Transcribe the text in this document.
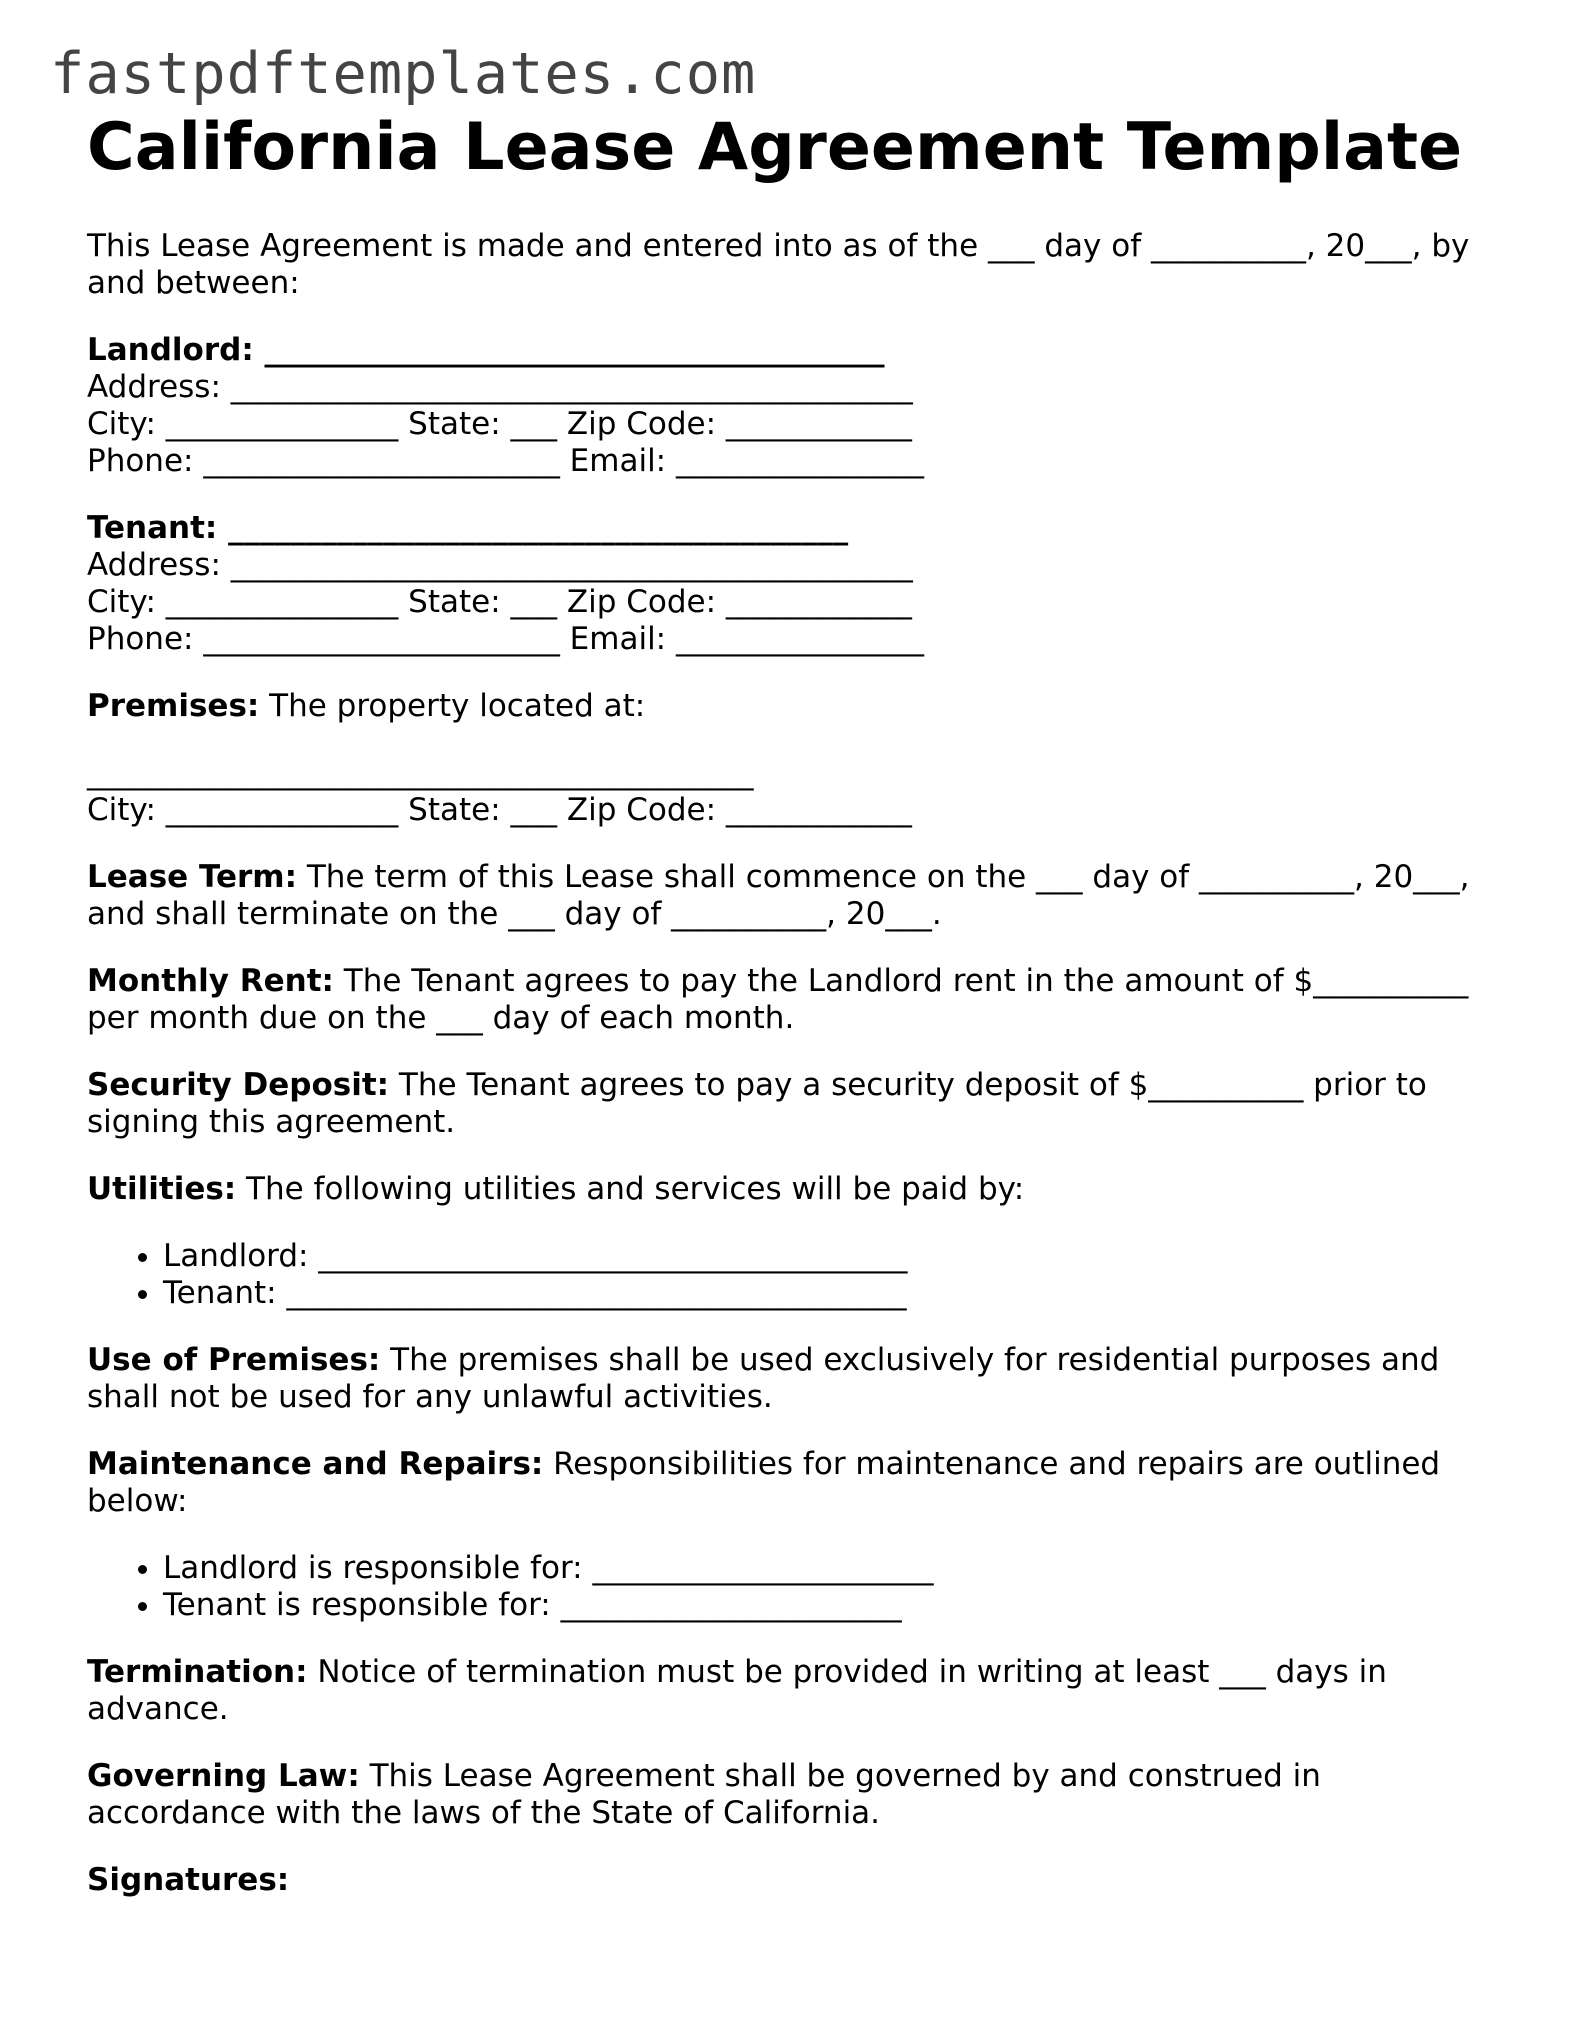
fastpdftemplates.com
California Lease Agreement Template

This Lease Agreement is made and entered into as of the ___ day of __________, 20___, by and between:

Landlord: ________________________________________
Address: ____________________________________________
City: _______________ State: ___ Zip Code: ____________
Phone: _______________________ Email: ________________
Tenant: ________________________________________
Address: ____________________________________________
City: _______________ State: ___ Zip Code: ____________
Phone: _______________________ Email: ________________

Premises: The property located at:

___________________________________________
City: _______________ State: ___ Zip Code: ____________

Lease Term: The term of this Lease shall commence on the ___ day of __________, 20___, and shall terminate on the ___ day of __________, 20___.

Monthly Rent: The Tenant agrees to pay the Landlord rent in the amount of $__________ per month due on the ___ day of each month.

Security Deposit: The Tenant agrees to pay a security deposit of $__________ prior to signing this agreement.

Utilities: The following utilities and services will be paid by:

• Landlord: ______________________________________
• Tenant: ________________________________________

Use of Premises: The premises shall be used exclusively for residential purposes and shall not be used for any unlawful activities.

Maintenance and Repairs: Responsibilities for maintenance and repairs are outlined below:

• Landlord is responsible for: ______________________
• Tenant is responsible for: ______________________

Termination: Notice of termination must be provided in writing at least ___ days in advance.

Governing Law: This Lease Agreement shall be governed by and construed in accordance with the laws of the State of California.

Signatures:
